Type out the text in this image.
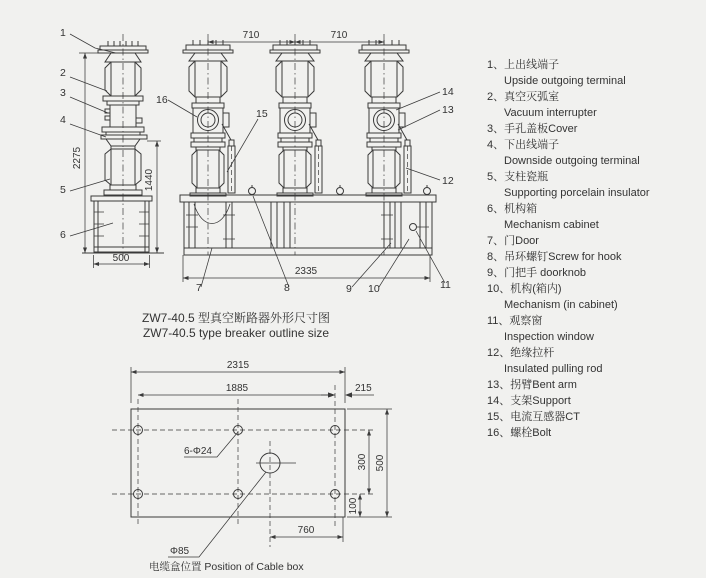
2275
1440
500
1
2
3
4
5
6
710	710
2335
16
15
14
13
12
7	8	9 10	11
2315
1885	215
500
300
100
760
6-Φ24
Φ85
ZW7-40.5 型真空断路器外形尺寸图
ZW7-40.5 type breaker outline size
电缆盒位置 Position of Cable box
1、上出线端子
Upside outgoing terminal
2、真空灭弧室
Vacuum interrupter
3、手孔盖板Cover
4、下出线端子
Downside outgoing terminal
5、支柱瓷瓶
Supporting porcelain insulator
6、机构箱
Mechanism cabinet
7、门Door
8、吊环螺钉Screw for hook
9、门把手 doorknob
10、机构(箱内)
Mechanism (in cabinet)
11、观察窗
Inspection window
12、绝缘拉杆
Insulated pulling rod
13、拐臂Bent arm
14、支架Support
15、电流互感器CT
16、螺栓Bolt
